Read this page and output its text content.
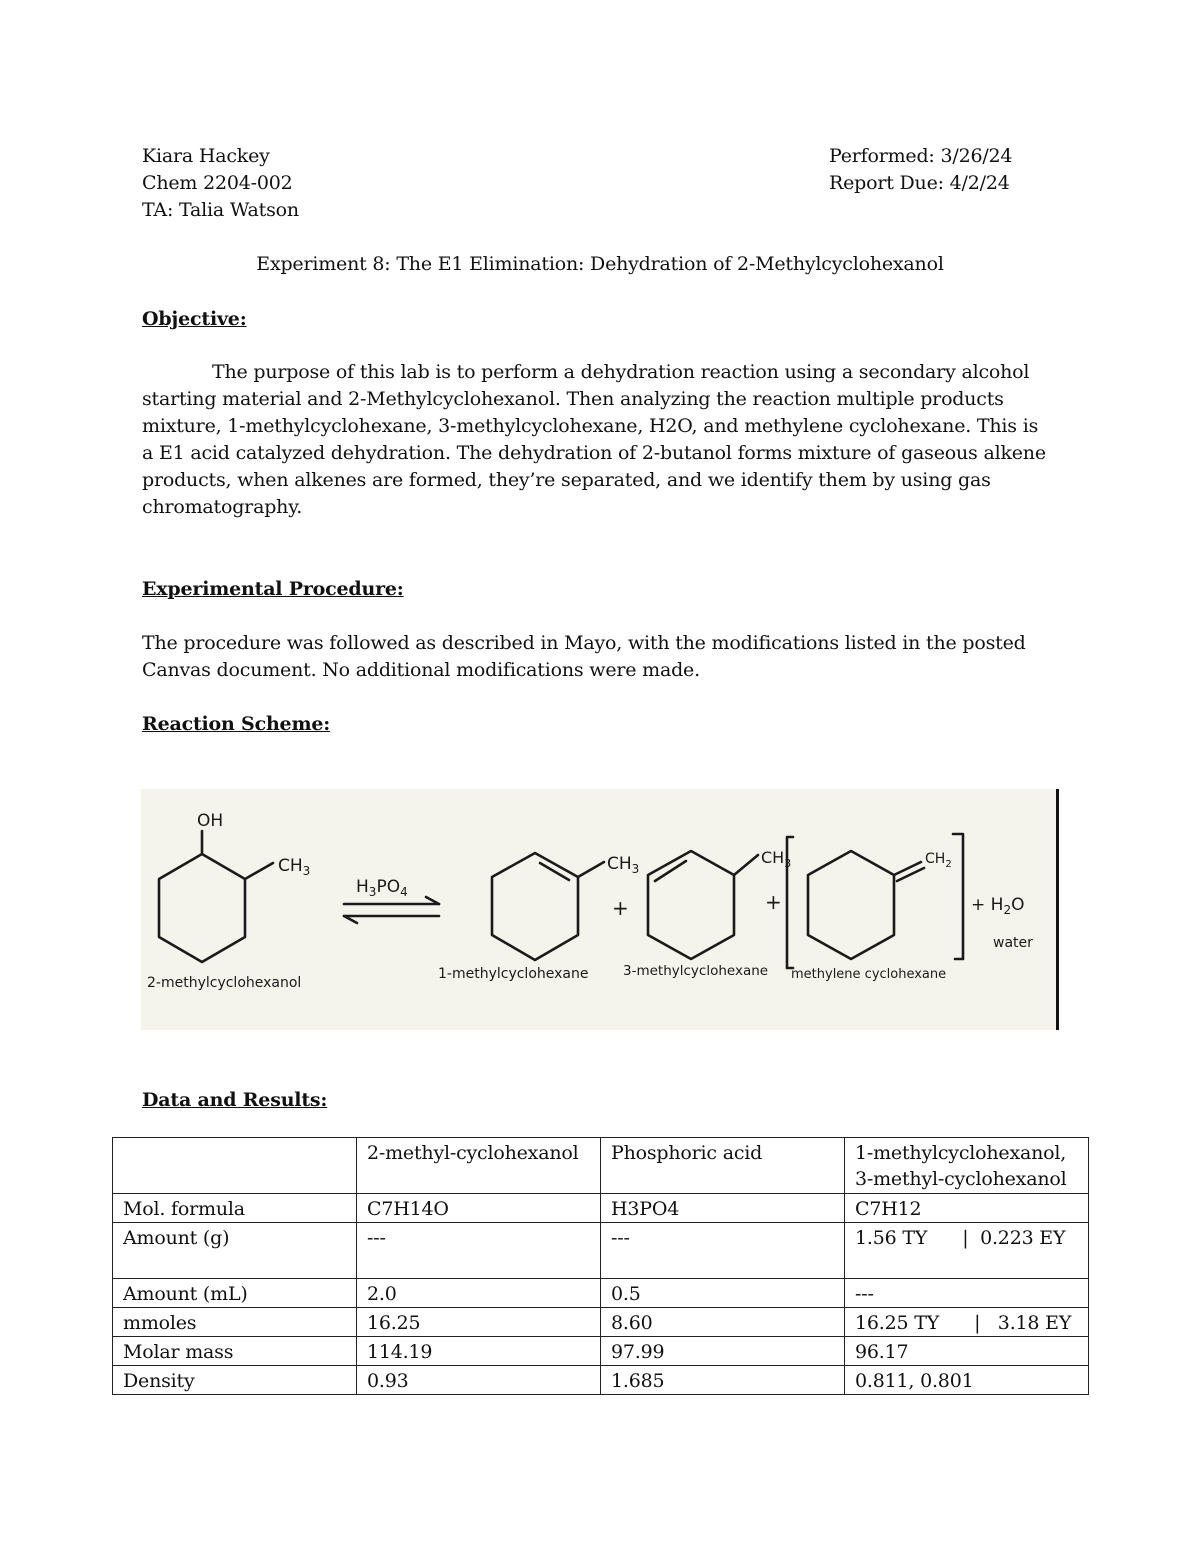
Kiara Hackey
Chem 2204-002
TA: Talia Watson
Performed: 3/26/24
Report Due: 4/2/24
Experiment 8: The E1 Elimination: Dehydration of 2-Methylcyclohexanol
Objective:
The purpose of this lab is to perform a dehydration reaction using a secondary alcohol
starting material and 2-Methylcyclohexanol. Then analyzing the reaction multiple products
mixture, 1-methylcyclohexane, 3-methylcyclohexane, H2O, and methylene cyclohexane. This is
a E1 acid catalyzed dehydration. The dehydration of 2-butanol forms mixture of gaseous alkene
products, when alkenes are formed, they’re separated, and we identify them by using gas
chromatography.
Experimental Procedure:
The procedure was followed as described in Mayo, with the modifications listed in the posted
Canvas document. No additional modifications were made.
Reaction Scheme:
OH
$CH_3$
$H_3PO_4$
$CH_3$
$CH_3$	$CH_2$
+	+	+ $H_2O$
water
2-methylcyclohexanol
1-methylcyclohexane	3-methylcyclohexane methylene cyclohexane
Data and Results:
	2-methyl-cyclohexanol	Phosphoric acid	1-methylcyclohexanol, 3-methyl-cyclohexanol
Mol. formula	C7H14O	H3PO4	C7H12
Amount (g)	---	---	1.56 TY      |  0.223 EY
Amount (mL)	2.0	0.5	---
mmoles	16.25	8.60	16.25 TY      |   3.18 EY
Molar mass	114.19	97.99	96.17
Density	0.93	1.685	0.811, 0.801
